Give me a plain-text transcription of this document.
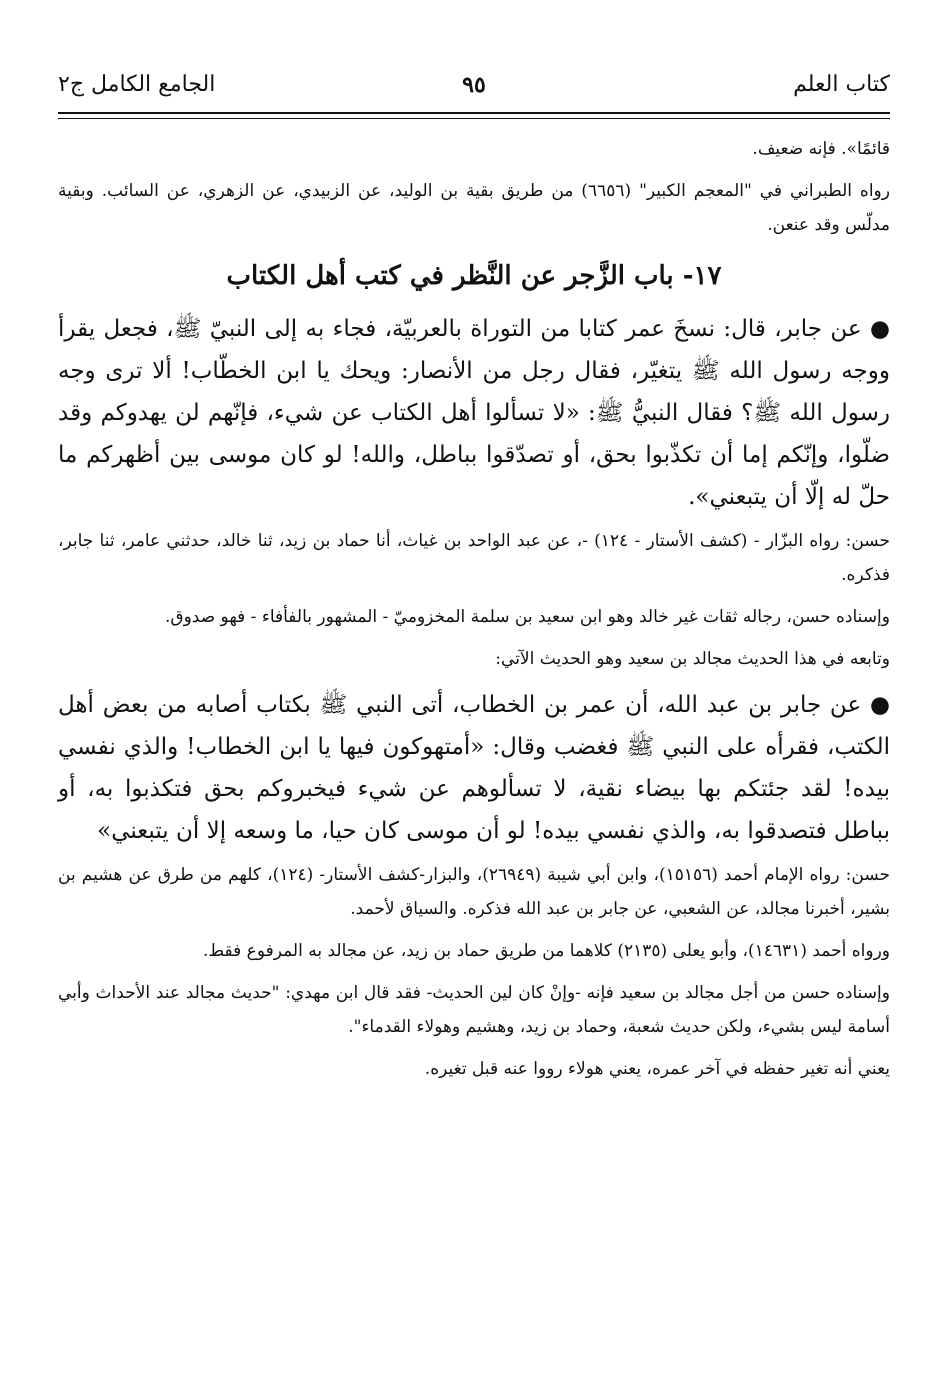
كتاب العلم
٩٥
الجامع الكامل ج٢

قائمًا». فإنه ضعيف.

رواه الطبراني في "المعجم الكبير" (٦٦٥٦) من طريق بقية بن الوليد، عن الزبيدي، عن الزهري، عن السائب. وبقية مدلّس وقد عنعن.

١٧- باب الزَّجر عن النَّظر في كتب أهل الكتاب

● عن جابر، قال: نسخَ عمر كتابا من التوراة بالعربيّة، فجاء به إلى النبيّ ﷺ، فجعل يقرأ ووجه رسول الله ﷺ يتغيّر، فقال رجل من الأنصار: ويحك يا ابن الخطّاب! ألا ترى وجه رسول الله ﷺ؟ فقال النبيُّ ﷺ: «لا تسألوا أهل الكتاب عن شيء، فإنّهم لن يهدوكم وقد ضلّوا، وإنّكم إما أن تكذّبوا بحق، أو تصدّقوا بباطل، والله! لو كان موسى بين أظهركم ما حلّ له إلّا أن يتبعني».

حسن: رواه البزّار - (كشف الأستار - ١٢٤) -، عن عبد الواحد بن غياث، أنا حماد بن زيد، ثنا خالد، حدثني عامر، ثنا جابر، فذكره.

وإسناده حسن، رجاله ثقات غير خالد وهو ابن سعيد بن سلمة المخزوميّ - المشهور بالفأفاء - فهو صدوق.

وتابعه في هذا الحديث مجالد بن سعيد وهو الحديث الآتي:

● عن جابر بن عبد الله، أن عمر بن الخطاب، أتى النبي ﷺ بكتاب أصابه من بعض أهل الكتب، فقرأه على النبي ﷺ فغضب وقال: «أمتهوكون فيها يا ابن الخطاب! والذي نفسي بيده! لقد جئتكم بها بيضاء نقية، لا تسألوهم عن شيء فيخبروكم بحق فتكذبوا به، أو بباطل فتصدقوا به، والذي نفسي بيده! لو أن موسى كان حيا، ما وسعه إلا أن يتبعني»

حسن: رواه الإمام أحمد (١٥١٥٦)، وابن أبي شيبة (٢٦٩٤٩)، والبزار-كشف الأستار- (١٢٤)، كلهم من طرق عن هشيم بن بشير، أخبرنا مجالد، عن الشعبي، عن جابر بن عبد الله فذكره. والسياق لأحمد.

ورواه أحمد (١٤٦٣١)، وأبو يعلى (٢١٣٥) كلاهما من طريق حماد بن زيد، عن مجالد به المرفوع فقط.

وإسناده حسن من أجل مجالد بن سعيد فإنه -وإنْ كان لين الحديث- فقد قال ابن مهدي: "حديث مجالد عند الأحداث وأبي أسامة ليس بشيء، ولكن حديث شعبة، وحماد بن زيد، وهشيم وهولاء القدماء".

يعني أنه تغير حفظه في آخر عمره، يعني هولاء رووا عنه قبل تغيره.
